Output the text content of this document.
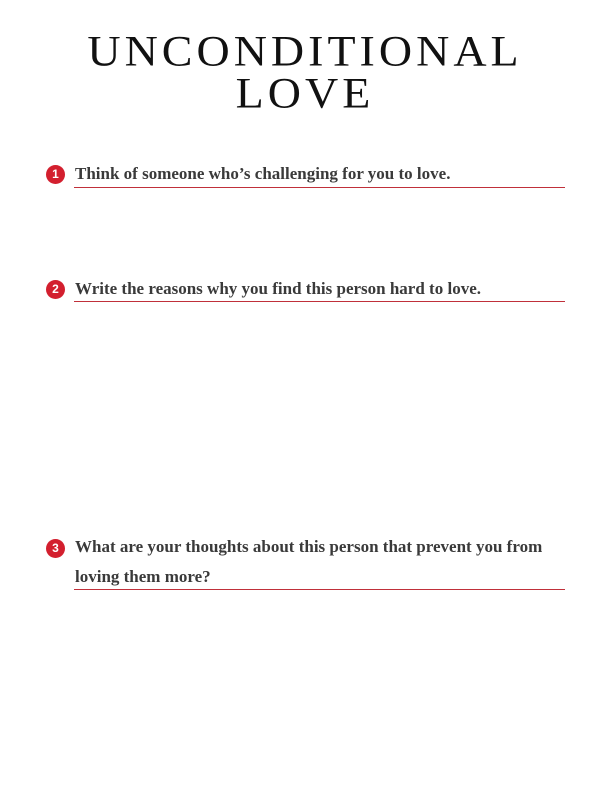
UNCONDITIONAL
LOVE
1 Think of someone who’s challenging for you to love.
2 Write the reasons why you find this person hard to love.
3 What are your thoughts about this person that prevent you from loving them more?
